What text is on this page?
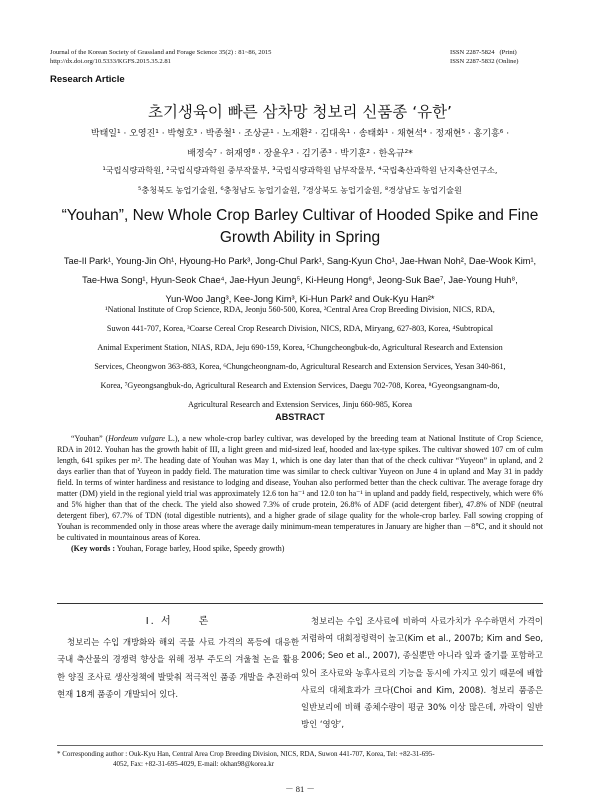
Journal of the Korean Society of Grassland and Forage Science 35(2) : 81~86, 2015
http://dx.doi.org/10.5333/KGFS.2015.35.2.81
ISSN 2287-5824   (Print)
ISSN 2287-5832 (Online)
Research Article
초기생육이 빠른 삼차망 청보리 신품종 ‘유한’
박태일¹ · 오영진¹ · 박형호³ · 박종철¹ · 조상균¹ · 노재환² · 김대욱¹ · 송태화¹ · 채현석⁴ · 정재현⁵ · 홍기흥⁶ ·
배정숙⁷ · 허재영⁸ · 장윤우³ · 김기종³ · 박기훈² · 한옥규²*
¹국립식량과학원, ²국립식량과학원 중부작물부, ³국립식량과학원 남부작물부, ⁴국립축산과학원 난지축산연구소,
⁵충청북도 농업기술원, ⁶충청남도 농업기술원, ⁷경상북도 농업기술원, ⁸경상남도 농업기술원
“Youhan”, New Whole Crop Barley Cultivar of Hooded Spike and Fine
Growth Ability in Spring
Tae-Il Park¹, Young-Jin Oh¹, Hyoung-Ho Park³, Jong-Chul Park¹, Sang-Kyun Cho¹, Jae-Hwan Noh², Dae-Wook Kim¹,
Tae-Hwa Song¹, Hyun-Seok Chae⁴, Jae-Hyun Jeung⁵, Ki-Heung Hong⁶, Jeong-Suk Bae⁷, Jae-Young Huh⁸,
Yun-Woo Jang³, Kee-Jong Kim³, Ki-Hun Park² and Ouk-Kyu Han²*
¹National Institute of Crop Science, RDA, Jeonju 560-500, Korea, ²Central Area Crop Breeding Division, NICS, RDA,
Suwon 441-707, Korea, ³Coarse Cereal Crop Research Division, NICS, RDA, Miryang, 627-803, Korea, ⁴Subtropical
Animal Experiment Station, NIAS, RDA, Jeju 690-159, Korea, ⁵Chungcheongbuk-do, Agricultural Research and Extension
Services, Cheongwon 363-883, Korea, ⁶Chungcheongnam-do, Agricultural Research and Extension Services, Yesan 340-861,
Korea, ⁷Gyeongsangbuk-do, Agricultural Research and Extension Services, Daegu 702-708, Korea, ⁸Gyeongsangnam-do,
Agricultural Research and Extension Services, Jinju 660-985, Korea
ABSTRACT

“Youhan” (Hordeum vulgare L.), a new whole-crop barley cultivar, was developed by the breeding team at National Institute of Crop Science, RDA in 2012. Youhan has the growth habit of III, a light green and mid-sized leaf, hooded and lax-type spikes. The cultivar showed 107 cm of culm length, 641 spikes per m². The heading date of Youhan was May 1, which is one day later than that of the check cultivar “Yuyeon” in upland, and 2 days earlier than that of Yuyeon in paddy field. The maturation time was similar to check cultivar Yuyeon on June 4 in upland and May 31 in paddy field. In terms of winter hardiness and resistance to lodging and disease, Youhan also performed better than the check cultivar. The average forage dry matter (DM) yield in the regional yield trial was approximately 12.6 ton ha⁻¹ and 12.0 ton ha⁻¹ in upland and paddy field, respectively, which were 6% and 5% higher than that of the check. The yield also showed 7.3% of crude protein, 26.8% of ADF (acid detergent fiber), 47.8% of NDF (neutral detergent fiber), 67.7% of TDN (total digestible nutrients), and a higher grade of silage quality for the whole-crop barley. Fall sowing cropping of Youhan is recommended only in those areas where the average daily minimum-mean temperatures in January are higher than －8℃, and it should not be cultivated in mountainous areas of Korea.

(Key words : Youhan, Forage barley, Hood spike, Speedy growth)

Ⅰ. 서     론

청보리는 수입 개방화와 해외 곡물 사료 가격의 폭등에 대응한 국내 축산물의 경쟁력 향상을 위해 정부 주도의 겨울철 논을 활용한 양질 조사료 생산정책에 발맞춰 적극적인 품종 개발을 추진하여 현재 18계 품종이 개발되어 있다.

청보리는 수입 조사료에 비하여 사료가치가 우수하면서 가격이 저렴하여 대회정령력이 높고(Kim et al., 2007b; Kim and Seo, 2006; Seo et al., 2007), 종실뿐만 아니라 잎과 줄기를 포함하고 있어 조사료와 농후사료의 기능을 동시에 가지고 있기 때문에 배합사료의 대체효과가 크다(Choi and Kim, 2008). 청보리 품종은 일반보리에 비해 종체수량이 평균 30% 이상 많은데, 까락이 일반방인 ‘영양’,

* Corresponding author : Ouk-Kyu Han, Central Area Crop Breeding Division, NICS, RDA, Suwon 441-707, Korea, Tel: +82-31-695-
4052, Fax: +82-31-695-4029, E-mail: okhan98@korea.kr
－ 81 －
